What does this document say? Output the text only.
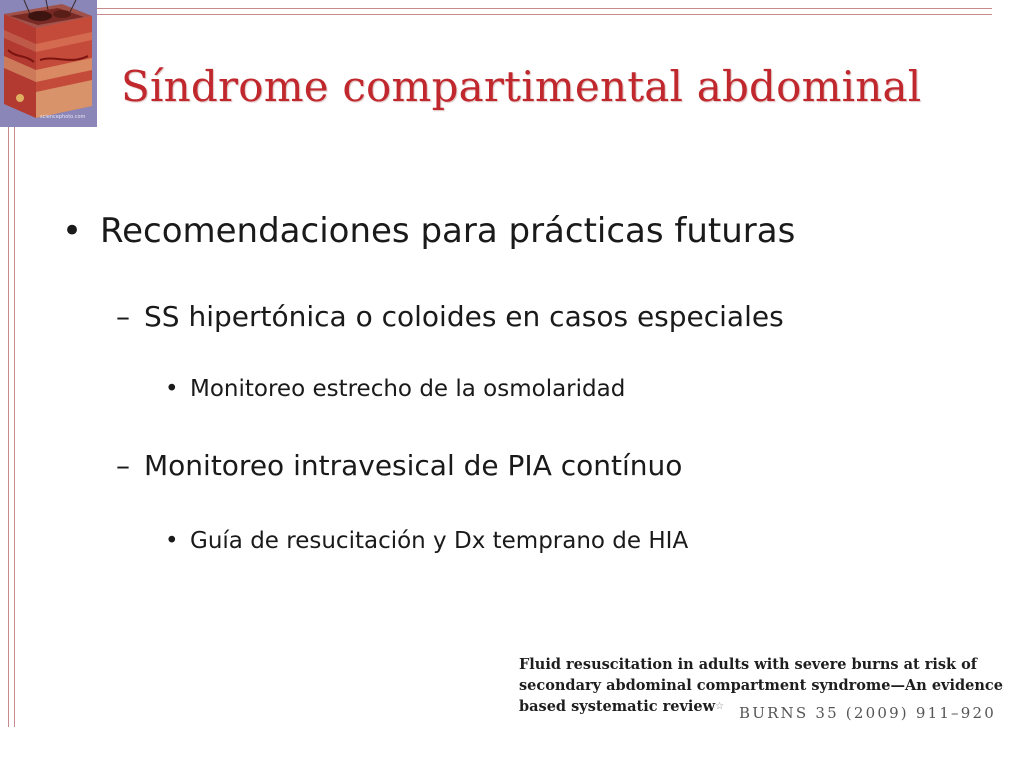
sciencephoto.com
Síndrome compartimental abdominal
• Recomendaciones para prácticas futuras
– SS hipertónica o coloides en casos especiales
• Monitoreo estrecho de la osmolaridad
– Monitoreo intravesical de PIA contínuo
• Guía de resucitación y Dx temprano de HIA
Fluid resuscitation in adults with severe burns at risk of
secondary abdominal compartment syndrome—An evidence
based systematic review☆ BURNS 35 (2009) 911–920
